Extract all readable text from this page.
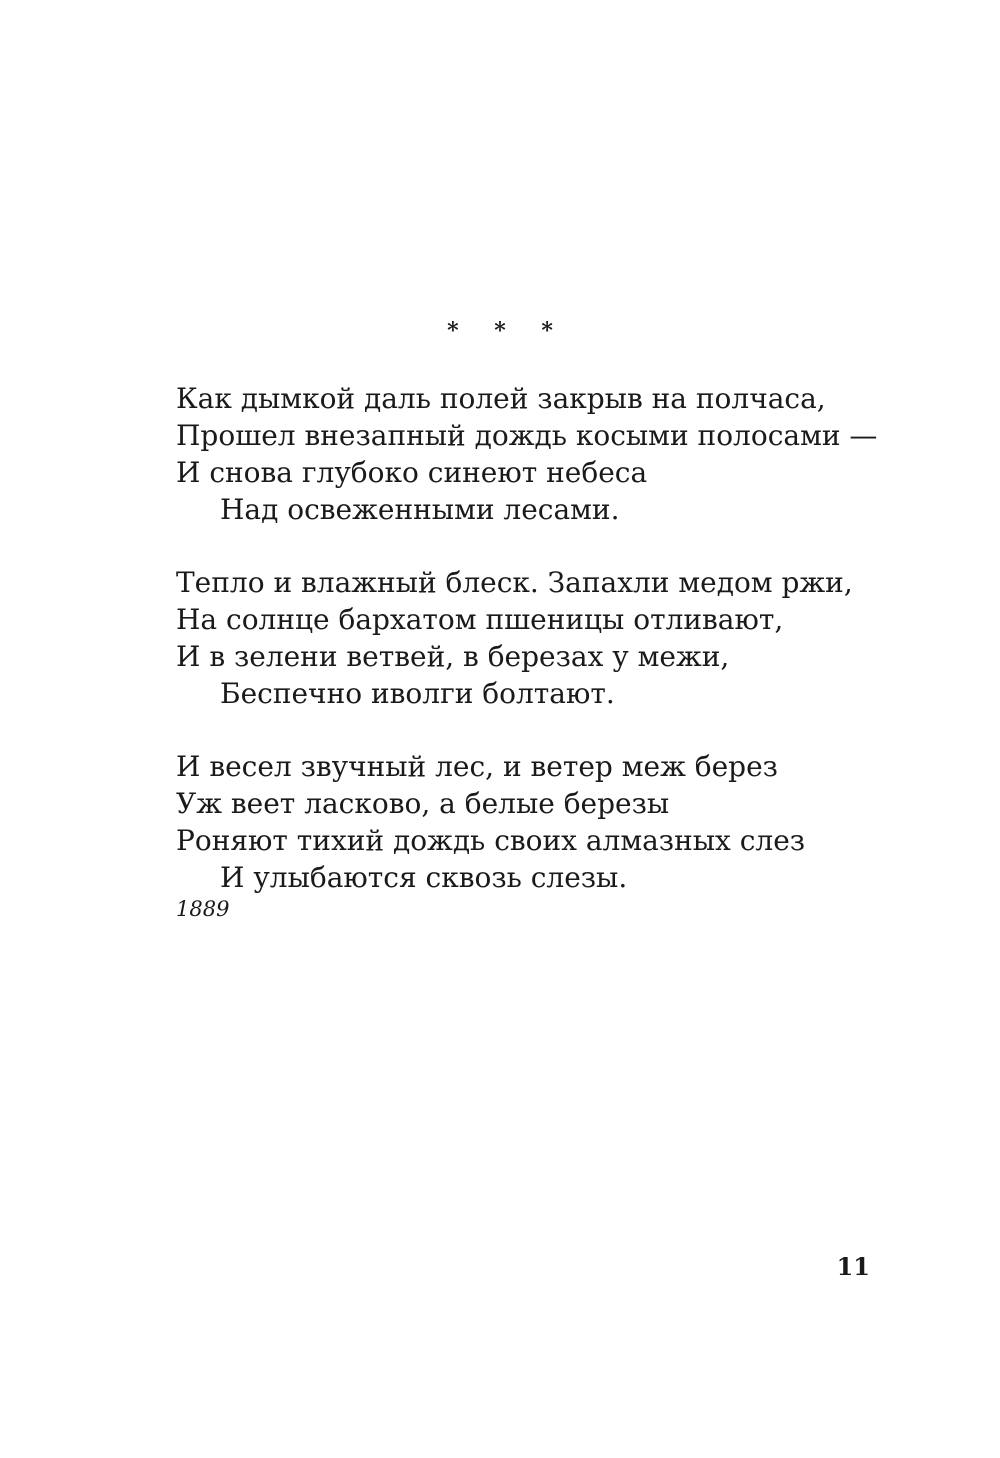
* * *
Как дымкой даль полей закрыв на полчаса,
Прошел внезапный дождь косыми полосами —
И снова глубоко синеют небеса
Над освеженными лесами.
Тепло и влажный блеск. Запахли медом ржи,
На солнце бархатом пшеницы отливают,
И в зелени ветвей, в березах у межи,
Беспечно иволги болтают.
И весел звучный лес, и ветер меж берез
Уж веет ласково, а белые березы
Роняют тихий дождь своих алмазных слез
И улыбаются сквозь слезы.
1889
11
